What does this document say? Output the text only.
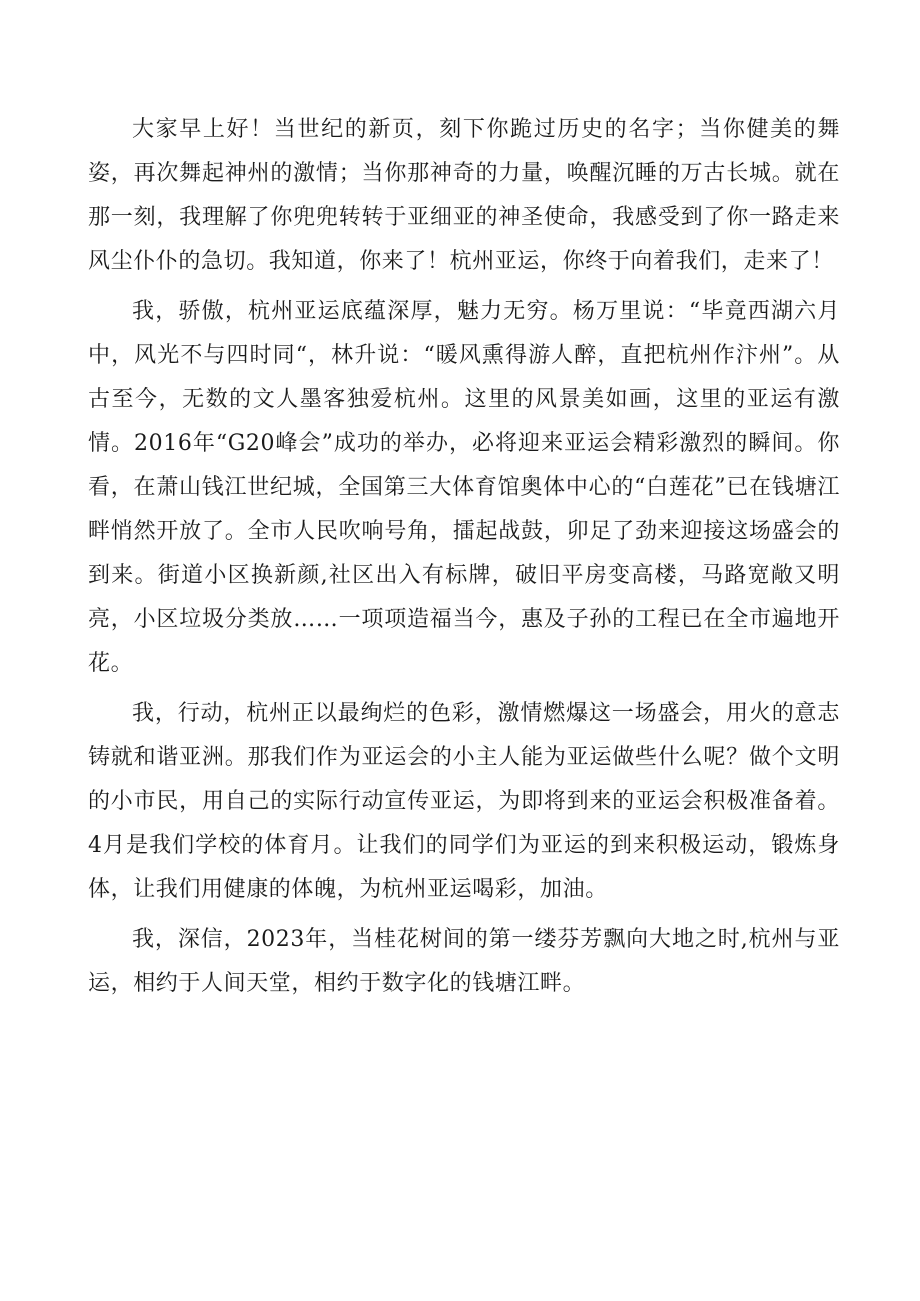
大家早上好！当世纪的新页，刻下你跪过历史的名字；当你健美的舞姿，再次舞起神州的激情；当你那神奇的力量，唤醒沉睡的万古长城。就在那一刻，我理解了你兜兜转转于亚细亚的神圣使命，我感受到了你一路走来风尘仆仆的急切。我知道，你来了！杭州亚运，你终于向着我们，走来了！

我，骄傲，杭州亚运底蕴深厚，魅力无穷。杨万里说：“毕竟西湖六月中，风光不与四时同“，林升说：“暖风熏得游人醉，直把杭州作汴州”。从古至今，无数的文人墨客独爱杭州。这里的风景美如画，这里的亚运有激情。2016年“G20峰会”成功的举办，必将迎来亚运会精彩激烈的瞬间。你看，在萧山钱江世纪城，全国第三大体育馆奥体中心的“白莲花”已在钱塘江畔悄然开放了。全市人民吹响号角，擂起战鼓，卯足了劲来迎接这场盛会的到来。街道小区换新颜,社区出入有标牌，破旧平房变高楼，马路宽敞又明亮，小区垃圾分类放……一项项造福当今，惠及子孙的工程已在全市遍地开花。

我，行动，杭州正以最绚烂的色彩，激情燃爆这一场盛会，用火的意志铸就和谐亚洲。那我们作为亚运会的小主人能为亚运做些什么呢？做个文明的小市民，用自己的实际行动宣传亚运，为即将到来的亚运会积极准备着。4月是我们学校的体育月。让我们的同学们为亚运的到来积极运动，锻炼身体，让我们用健康的体魄，为杭州亚运喝彩，加油。

我，深信，2023年，当桂花树间的第一缕芬芳飘向大地之时,杭州与亚运，相约于人间天堂，相约于数字化的钱塘江畔。
